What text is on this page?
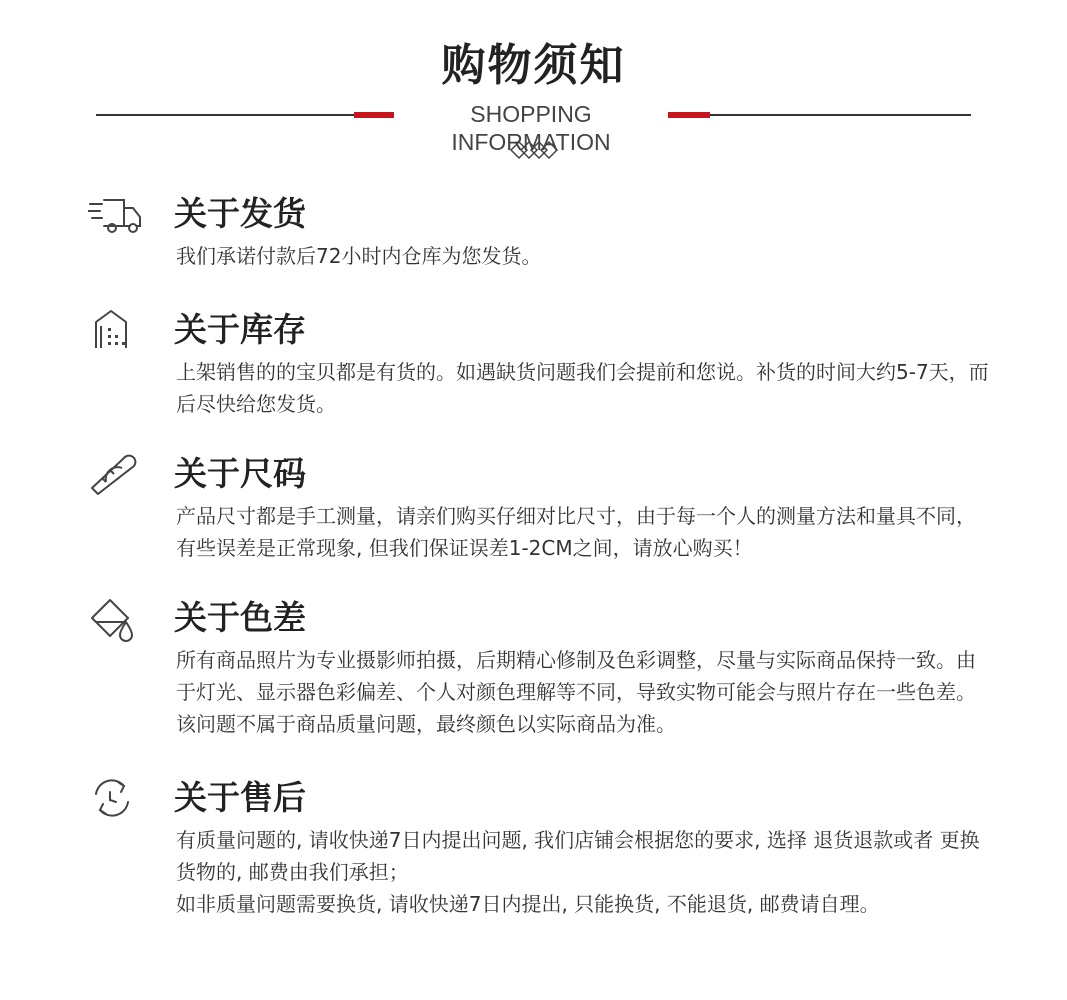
购物须知
SHOPPING INFORMATION
关于发货

我们承诺付款后72小时内仓库为您发货。

关于库存

上架销售的的宝贝都是有货的。如遇缺货问题我们会提前和您说。补货的时间大约5-7天，而后尽快给您发货。

关于尺码

产品尺寸都是手工测量，请亲们购买仔细对比尺寸，由于每一个人的测量方法和量具不同，有些误差是正常现象, 但我们保证误差1-2CM之间，请放心购买！

关于色差

所有商品照片为专业摄影师拍摄，后期精心修制及色彩调整，尽量与实际商品保持一致。由于灯光、显示器色彩偏差、个人对颜色理解等不同，导致实物可能会与照片存在一些色差。该问题不属于商品质量问题，最终颜色以实际商品为准。

关于售后

有质量问题的, 请收快递7日内提出问题, 我们店铺会根据您的要求, 选择 退货退款或者 更换货物的, 邮费由我们承担；

如非质量问题需要换货, 请收快递7日内提出, 只能换货, 不能退货, 邮费请自理。
